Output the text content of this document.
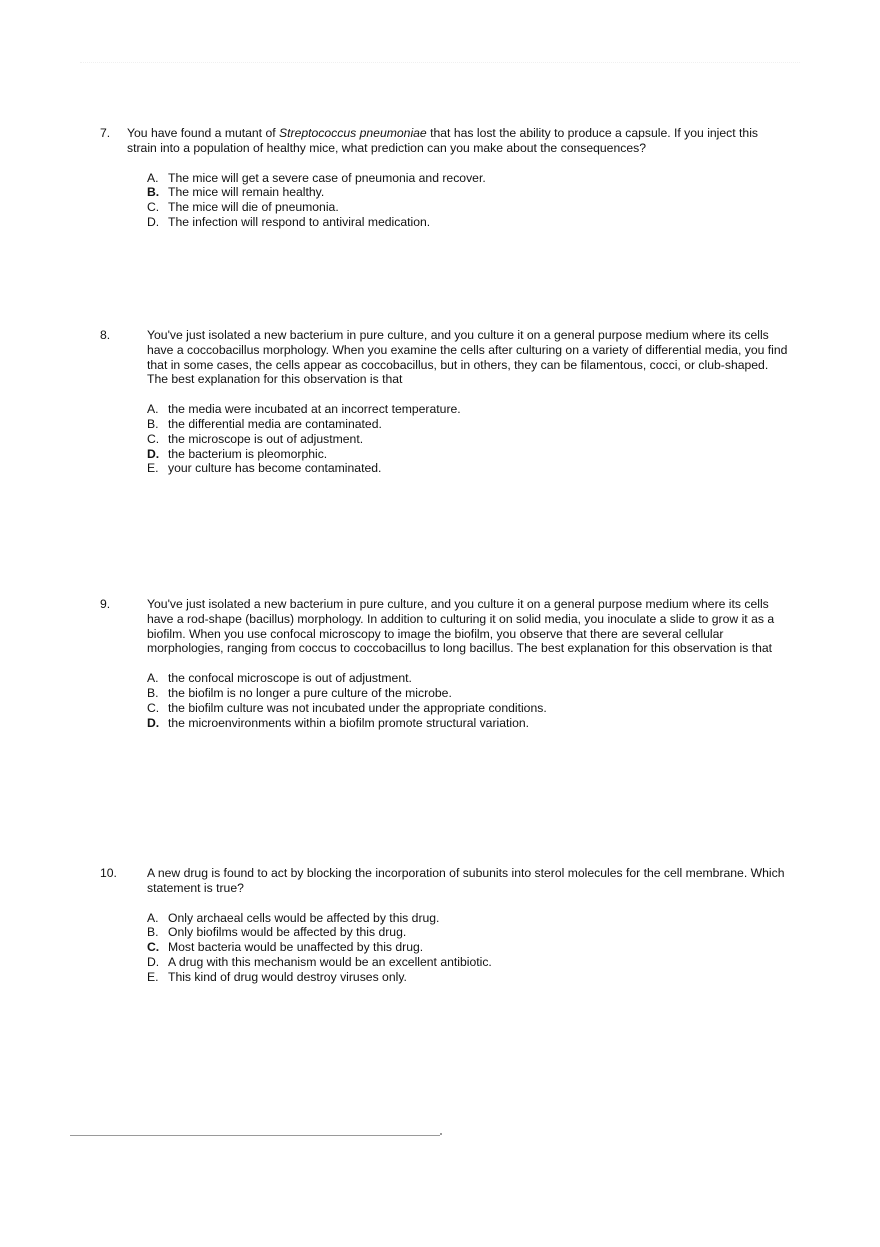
7. You have found a mutant of Streptococcus pneumoniae that has lost the ability to produce a capsule. If you inject this strain into a population of healthy mice, what prediction can you make about the consequences?
A. The mice will get a severe case of pneumonia and recover.
B. The mice will remain healthy.
C. The mice will die of pneumonia.
D. The infection will respond to antiviral medication.
8.	You've just isolated a new bacterium in pure culture, and you culture it on a general purpose medium where its cells have a coccobacillus morphology. When you examine the cells after culturing on a variety of differential media, you find that in some cases, the cells appear as coccobacillus, but in others, they can be filamentous, cocci, or club-shaped. The best explanation for this observation is that
A. the media were incubated at an incorrect temperature.
B. the differential media are contaminated.
C. the microscope is out of adjustment.
D. the bacterium is pleomorphic.
E. your culture has become contaminated.
9.	You've just isolated a new bacterium in pure culture, and you culture it on a general purpose medium where its cells have a rod-shape (bacillus) morphology. In addition to culturing it on solid media, you inoculate a slide to grow it as a biofilm. When you use confocal microscopy to image the biofilm, you observe that there are several cellular morphologies, ranging from coccus to coccobacillus to long bacillus. The best explanation for this observation is that
A. the confocal microscope is out of adjustment.
B. the biofilm is no longer a pure culture of the microbe.
C. the biofilm culture was not incubated under the appropriate conditions.
D. the microenvironments within a biofilm promote structural variation.
10. A new drug is found to act by blocking the incorporation of subunits into sterol molecules for the cell membrane. Which statement is true?
A. Only archaeal cells would be affected by this drug.
B. Only biofilms would be affected by this drug.
C. Most bacteria would be unaffected by this drug.
D. A drug with this mechanism would be an excellent antibiotic.
E. This kind of drug would destroy viruses only.
